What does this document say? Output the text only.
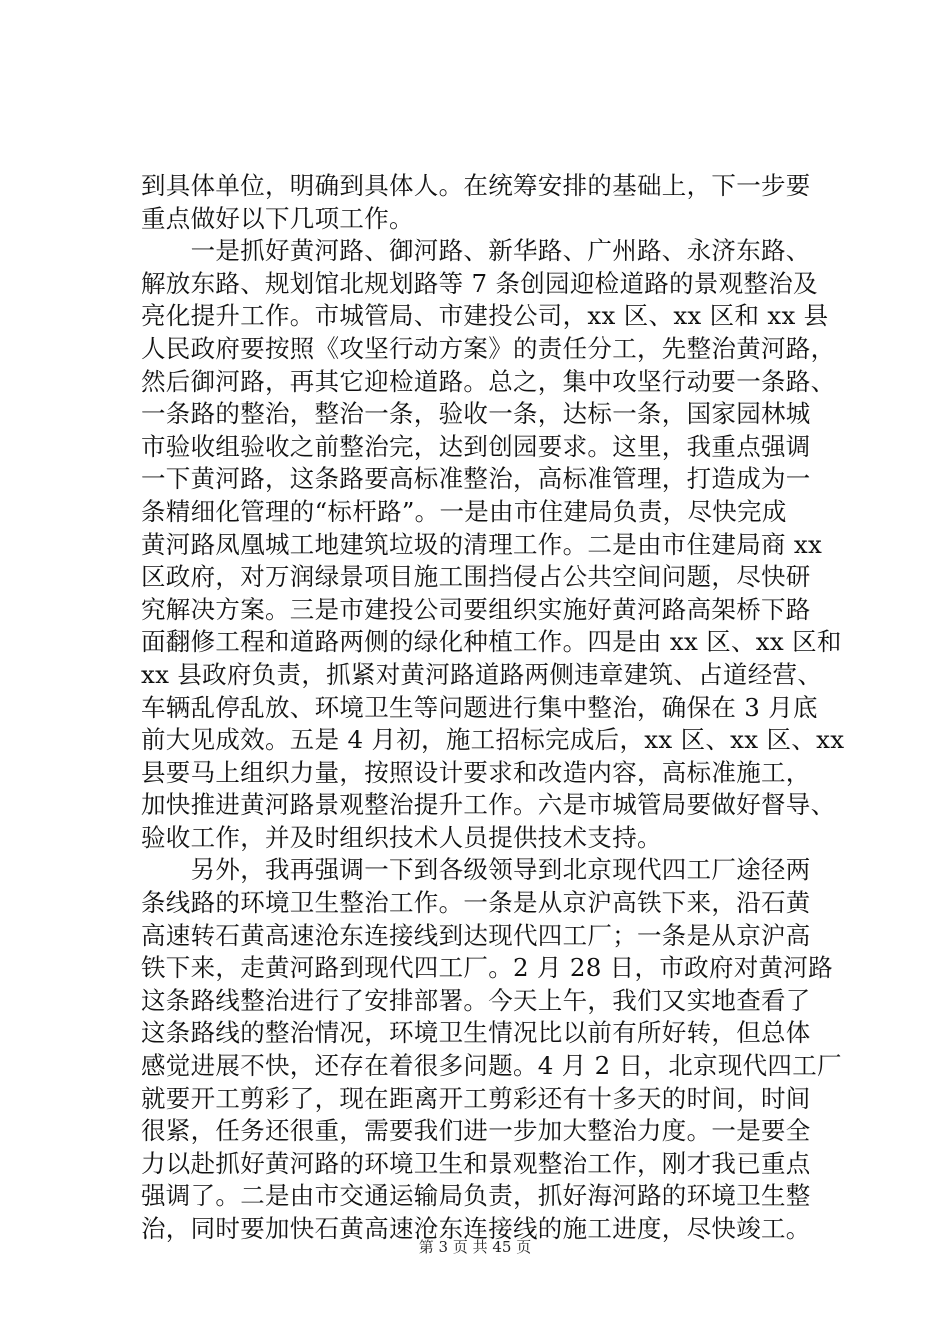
到具体单位，明确到具体人。在统筹安排的基础上，下一步要
重点做好以下几项工作。
　　一是抓好黄河路、御河路、新华路、广州路、永济东路、
解放东路、规划馆北规划路等 7 条创园迎检道路的景观整治及
亮化提升工作。市城管局、市建投公司，xx 区、xx 区和 xx 县
人民政府要按照《攻坚行动方案》的责任分工，先整治黄河路，
然后御河路，再其它迎检道路。总之，集中攻坚行动要一条路、
一条路的整治，整治一条，验收一条，达标一条，国家园林城
市验收组验收之前整治完，达到创园要求。这里，我重点强调
一下黄河路，这条路要高标准整治，高标准管理，打造成为一
条精细化管理的“标杆路”。一是由市住建局负责，尽快完成
黄河路凤凰城工地建筑垃圾的清理工作。二是由市住建局商 xx
区政府，对万润绿景项目施工围挡侵占公共空间问题，尽快研
究解决方案。三是市建投公司要组织实施好黄河路高架桥下路
面翻修工程和道路两侧的绿化种植工作。四是由 xx 区、xx 区和
xx 县政府负责，抓紧对黄河路道路两侧违章建筑、占道经营、
车辆乱停乱放、环境卫生等问题进行集中整治，确保在 3 月底
前大见成效。五是 4 月初，施工招标完成后，xx 区、xx 区、xx
县要马上组织力量，按照设计要求和改造内容，高标准施工，
加快推进黄河路景观整治提升工作。六是市城管局要做好督导、
验收工作，并及时组织技术人员提供技术支持。
　　另外，我再强调一下到各级领导到北京现代四工厂途径两
条线路的环境卫生整治工作。一条是从京沪高铁下来，沿石黄
高速转石黄高速沧东连接线到达现代四工厂；一条是从京沪高
铁下来，走黄河路到现代四工厂。2 月 28 日，市政府对黄河路
这条路线整治进行了安排部署。今天上午，我们又实地查看了
这条路线的整治情况，环境卫生情况比以前有所好转，但总体
感觉进展不快，还存在着很多问题。4 月 2 日，北京现代四工厂
就要开工剪彩了，现在距离开工剪彩还有十多天的时间，时间
很紧，任务还很重，需要我们进一步加大整治力度。一是要全
力以赴抓好黄河路的环境卫生和景观整治工作，刚才我已重点
强调了。二是由市交通运输局负责，抓好海河路的环境卫生整
治，同时要加快石黄高速沧东连接线的施工进度，尽快竣工。
第 3 页 共 45 页
